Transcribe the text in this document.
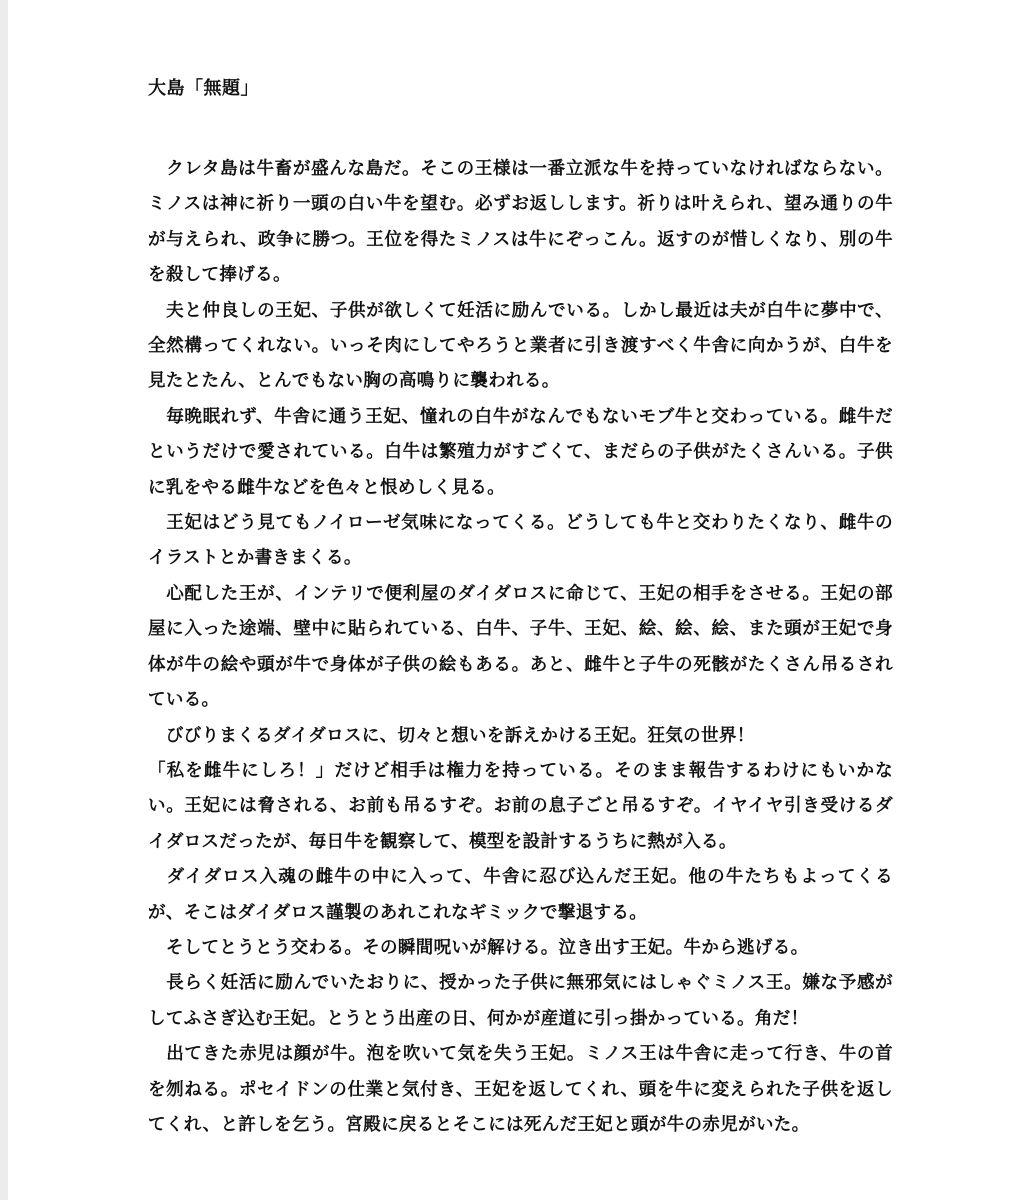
大島「無題」
　クレタ島は牛畜が盛んな島だ。そこの王様は一番立派な牛を持っていなければならない。ミノスは神に祈り一頭の白い牛を望む。必ずお返しします。祈りは叶えられ、望み通りの牛が与えられ、政争に勝つ。王位を得たミノスは牛にぞっこん。返すのが惜しくなり、別の牛を殺して捧げる。
　夫と仲良しの王妃、子供が欲しくて妊活に励んでいる。しかし最近は夫が白牛に夢中で、全然構ってくれない。いっそ肉にしてやろうと業者に引き渡すべく牛舎に向かうが、白牛を見たとたん、とんでもない胸の高鳴りに襲われる。
　毎晩眠れず、牛舎に通う王妃、憧れの白牛がなんでもないモブ牛と交わっている。雌牛だというだけで愛されている。白牛は繁殖力がすごくて、まだらの子供がたくさんいる。子供に乳をやる雌牛などを色々と恨めしく見る。
　王妃はどう見てもノイローゼ気味になってくる。どうしても牛と交わりたくなり、雌牛のイラストとか書きまくる。
　心配した王が、インテリで便利屋のダイダロスに命じて、王妃の相手をさせる。王妃の部屋に入った途端、壁中に貼られている、白牛、子牛、王妃、絵、絵、絵、また頭が王妃で身体が牛の絵や頭が牛で身体が子供の絵もある。あと、雌牛と子牛の死骸がたくさん吊るされている。
　びびりまくるダイダロスに、切々と想いを訴えかける王妃。狂気の世界！
「私を雌牛にしろ！」だけど相手は権力を持っている。そのまま報告するわけにもいかない。王妃には脅される、お前も吊るすぞ。お前の息子ごと吊るすぞ。イヤイヤ引き受けるダイダロスだったが、毎日牛を観察して、模型を設計するうちに熱が入る。
　ダイダロス入魂の雌牛の中に入って、牛舎に忍び込んだ王妃。他の牛たちもよってくるが、そこはダイダロス謹製のあれこれなギミックで撃退する。
　そしてとうとう交わる。その瞬間呪いが解ける。泣き出す王妃。牛から逃げる。
　長らく妊活に励んでいたおりに、授かった子供に無邪気にはしゃぐミノス王。嫌な予感がしてふさぎ込む王妃。とうとう出産の日、何かが産道に引っ掛かっている。角だ！
　出てきた赤児は顔が牛。泡を吹いて気を失う王妃。ミノス王は牛舎に走って行き、牛の首を刎ねる。ポセイドンの仕業と気付き、王妃を返してくれ、頭を牛に変えられた子供を返してくれ、と許しを乞う。宮殿に戻るとそこには死んだ王妃と頭が牛の赤児がいた。
